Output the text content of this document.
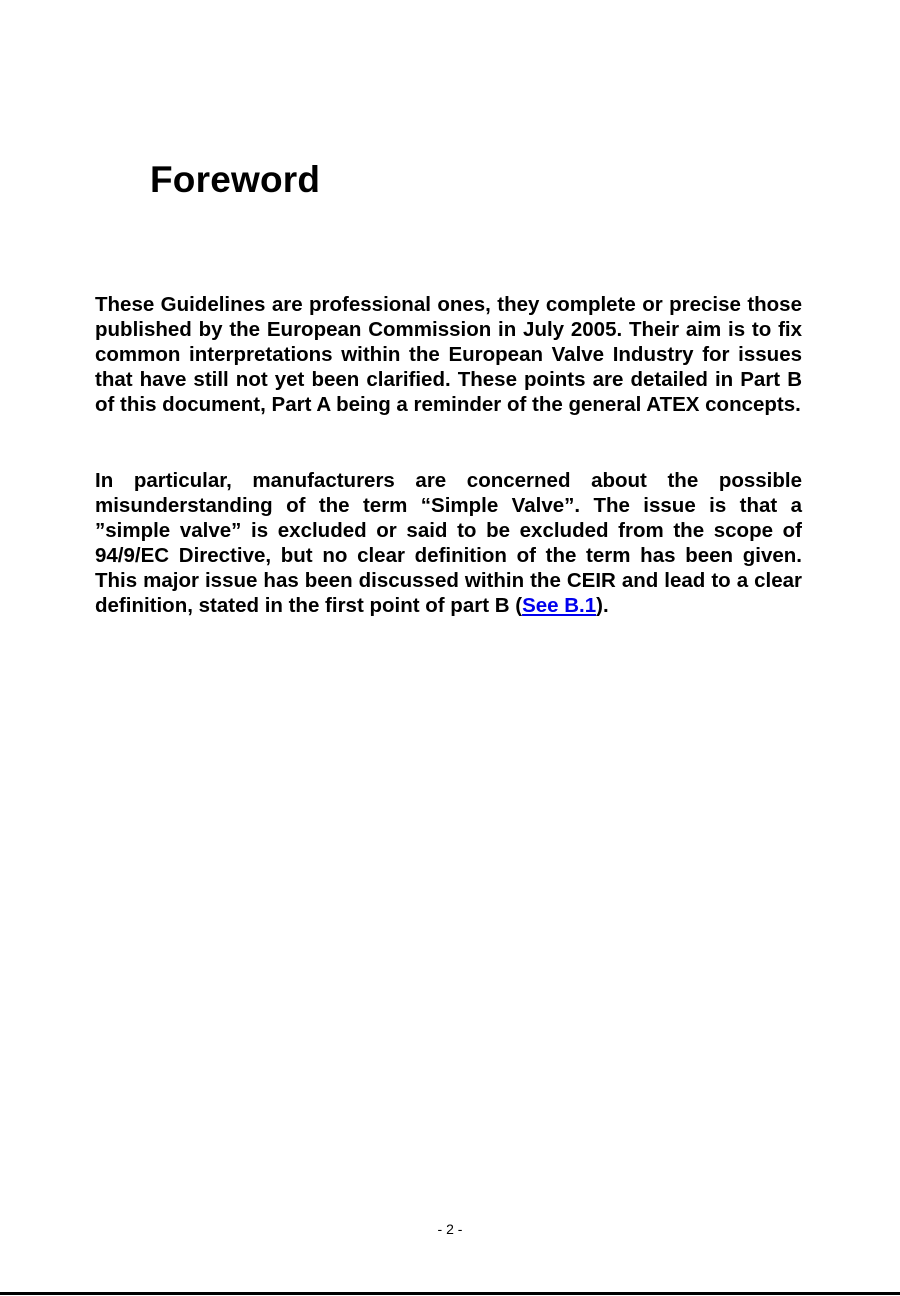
Foreword

These Guidelines are professional ones, they complete or precise those published by the European Commission in July 2005. Their aim is to fix common interpretations within the European Valve Industry for issues that have still not yet been clarified. These points are detailed in Part B of this document, Part A being a reminder of the general ATEX concepts.

In particular, manufacturers are concerned about the possible misunderstanding of the term “Simple Valve”. The issue is that a ”simple valve” is excluded or said to be excluded from the scope of 94/9/EC Directive, but no clear definition of the term has been given. This major issue has been discussed within the CEIR and lead to a clear definition, stated in the first point of part B (See B.1).

- 2 -
